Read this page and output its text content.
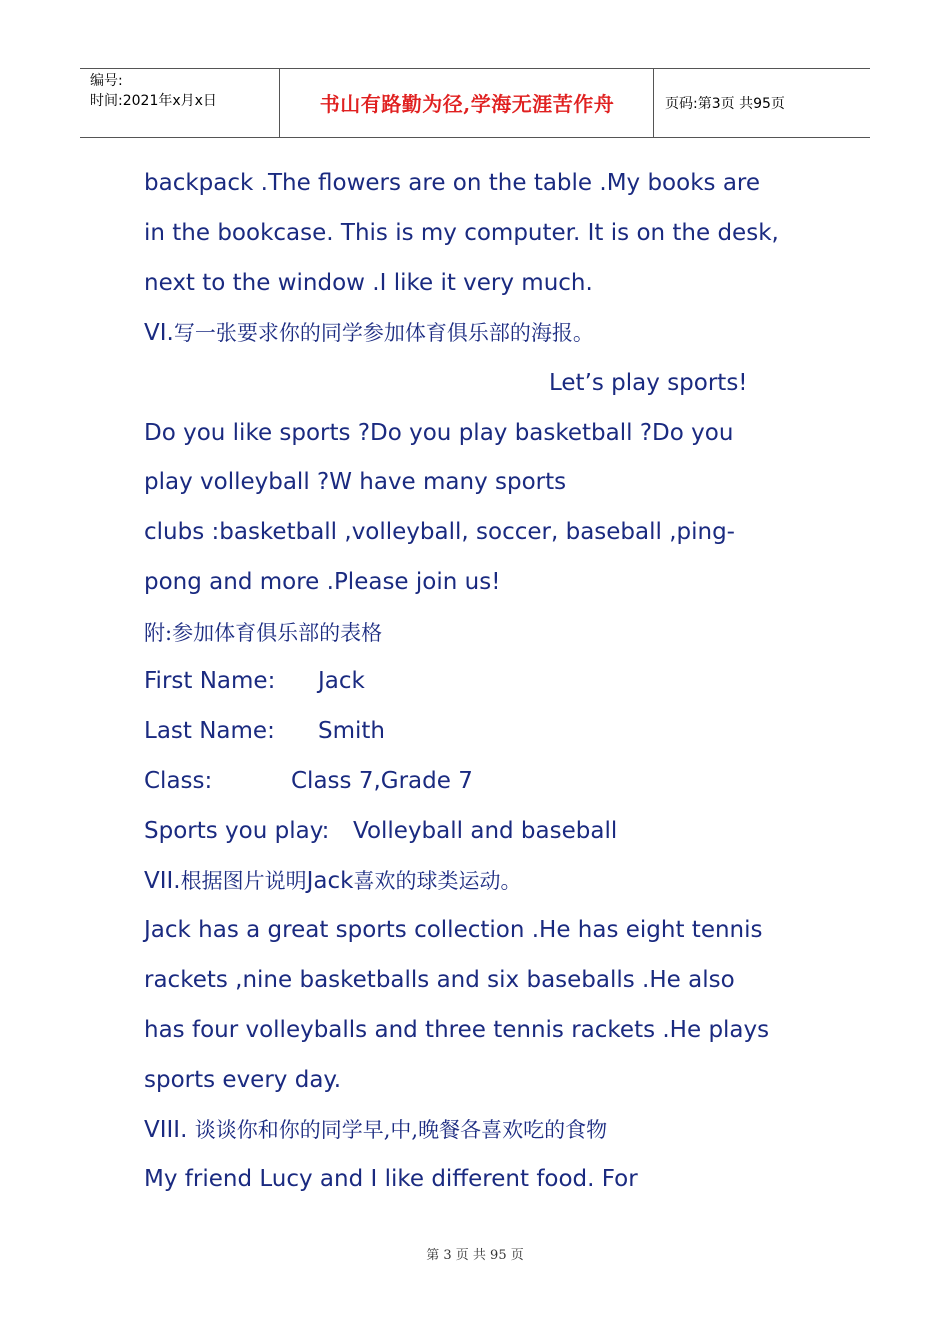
编号:
时间:2021年x月x日	书山有路勤为径,学海无涯苦作舟	页码:第3页 共95页
backpack .The flowers are on the table .My books are
in the bookcase. This is my computer. It is on the desk,
next to the window .I like it very much.
VI.写一张要求你的同学参加体育俱乐部的海报。
Let’s play sports!
Do you like sports ?Do you play basketball ?Do you
play volleyball ?W have many sports
clubs :basketball ,volleyball, soccer, baseball ,ping-
pong and more .Please join us!
附:参加体育俱乐部的表格
First Name: Jack
Last Name: Smith
Class:	Class 7,Grade 7
Sports you play: Volleyball and baseball
VII.根据图片说明Jack喜欢的球类运动。
Jack has a great sports collection .He has eight tennis
rackets ,nine basketballs and six baseballs .He also
has four volleyballs and three tennis rackets .He plays
sports every day.
VIII. 谈谈你和你的同学早,中,晚餐各喜欢吃的食物
My friend Lucy and I like different food. For
第 3 页 共 95 页
